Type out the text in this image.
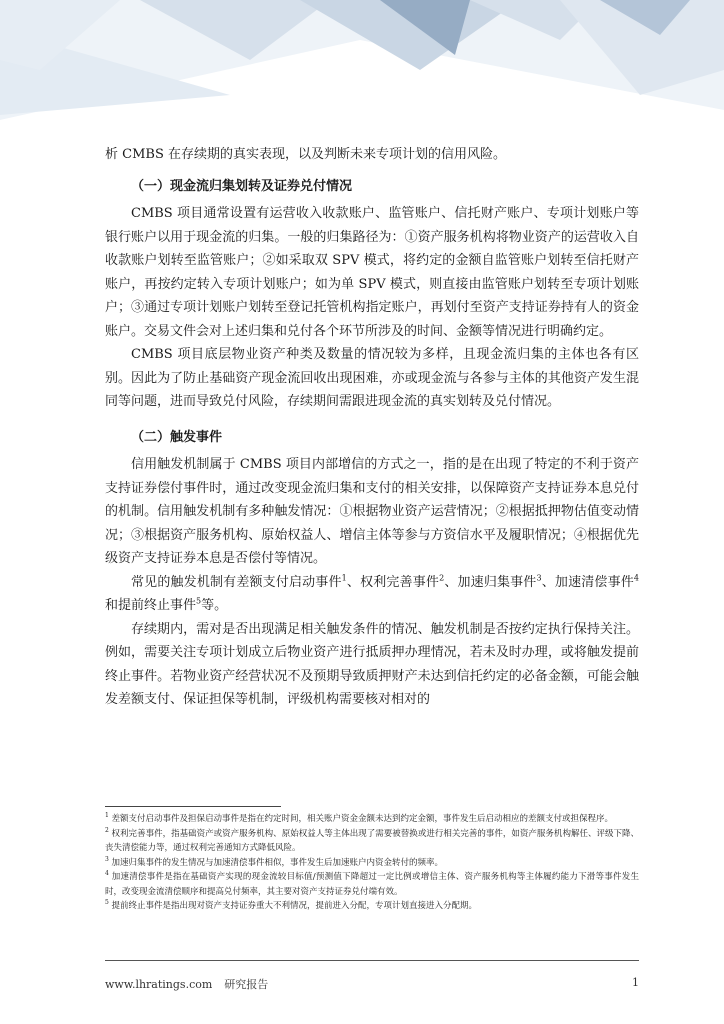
析 CMBS 在存续期的真实表现，以及判断未来专项计划的信用风险。

（一）现金流归集划转及证券兑付情况

CMBS 项目通常设置有运营收入收款账户、监管账户、信托财产账户、专项计划账户等银行账户以用于现金流的归集。一般的归集路径为：①资产服务机构将物业资产的运营收入自收款账户划转至监管账户；②如采取双 SPV 模式，将约定的金额自监管账户划转至信托财产账户，再按约定转入专项计划账户；如为单 SPV 模式，则直接由监管账户划转至专项计划账户；③通过专项计划账户划转至登记托管机构指定账户，再划付至资产支持证券持有人的资金账户。交易文件会对上述归集和兑付各个环节所涉及的时间、金额等情况进行明确约定。

CMBS 项目底层物业资产种类及数量的情况较为多样，且现金流归集的主体也各有区别。因此为了防止基础资产现金流回收出现困难，亦或现金流与各参与主体的其他资产发生混同等问题，进而导致兑付风险，存续期间需跟进现金流的真实划转及兑付情况。

（二）触发事件

信用触发机制属于 CMBS 项目内部增信的方式之一，指的是在出现了特定的不利于资产支持证券偿付事件时，通过改变现金流归集和支付的相关安排，以保障资产支持证券本息兑付的机制。信用触发机制有多种触发情况：①根据物业资产运营情况；②根据抵押物估值变动情况；③根据资产服务机构、原始权益人、增信主体等参与方资信水平及履职情况；④根据优先级资产支持证券本息是否偿付等情况。

常见的触发机制有差额支付启动事件$^1$、权利完善事件$^2$、加速归集事件$^3$、加速清偿事件$^4$和提前终止事件$^5$等。

存续期内，需对是否出现满足相关触发条件的情况、触发机制是否按约定执行保持关注。例如，需要关注专项计划成立后物业资产进行抵质押办理情况，若未及时办理，或将触发提前终止事件。若物业资产经营状况不及预期导致质押财产未达到信托约定的必备金额，可能会触发差额支付、保证担保等机制，评级机构需要核对相对的

$^1$ 差额支付启动事件及担保启动事件是指在约定时间，相关账户资金金额未达到约定金额，事件发生后启动相应的差额支付或担保程序。

$^2$ 权利完善事件，指基础资产或资产服务机构、原始权益人等主体出现了需要被替换或进行相关完善的事件，如资产服务机构解任、评级下降、丧失清偿能力等，通过权利完善通知方式降低风险。

$^3$ 加速归集事件的发生情况与加速清偿事件相似，事件发生后加速账户内资金转付的频率。

$^4$ 加速清偿事件是指在基础资产实现的现金流较目标值/预测值下降超过一定比例或增信主体、资产服务机构等主体履约能力下滑等事件发生时，改变现金流清偿顺序和提高兑付频率，其主要对资产支持证券兑付端有效。

$^5$ 提前终止事件是指出现对资产支持证券重大不利情况，提前进入分配，专项计划直接进入分配期。

www.lhratings.com 研究报告	1
